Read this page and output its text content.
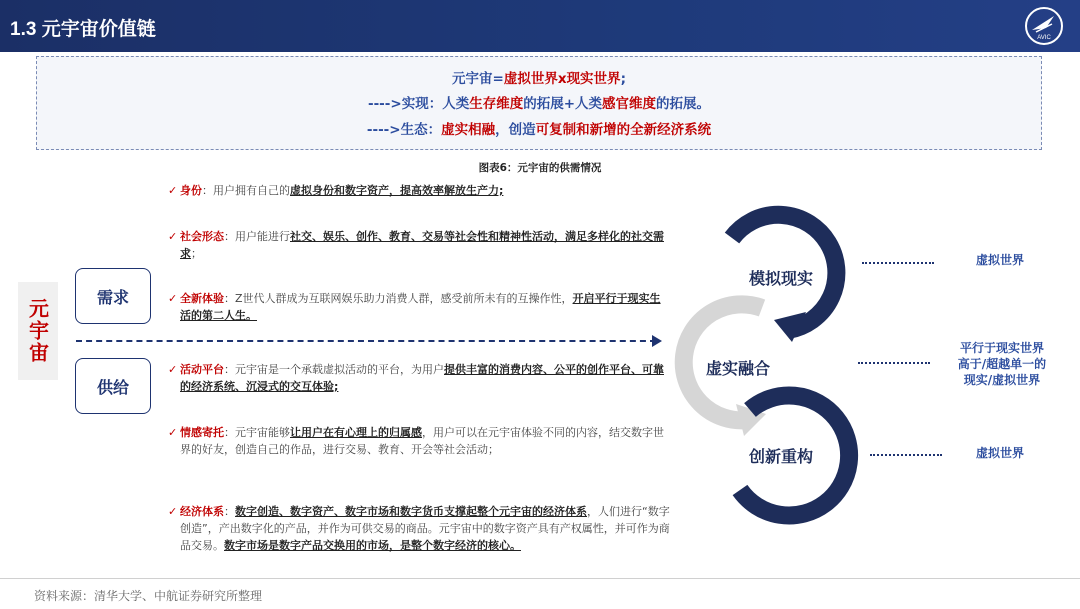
1.3 元宇宙价值链	AVIC
元宇宙=虚拟世界x现实世界;
---->实现：人类生存维度的拓展+人类感官维度的拓展。
---->生态：虚实相融，创造可复制和新增的全新经济系统
图表6：元宇宙的供需情况
元宇宙
需求
供给
✓ 身份：用户拥有自己的虚拟身份和数字资产，提高效率解放生产力;
✓ 社会形态：用户能进行社交、娱乐、创作、教育、交易等社会性和精神性活动，满足多样化的社交需求；
✓ 全新体验：Z世代人群成为互联网娱乐助力消费人群，感受前所未有的互操作性，开启平行于现实生活的第二人生。
✓ 活动平台：元宇宙是一个承载虚拟活动的平台，为用户提供丰富的消费内容、公平的创作平台、可靠的经济系统、沉浸式的交互体验;
✓ 情感寄托：元宇宙能够让用户在有心理上的归属感，用户可以在元宇宙体验不同的内容，结交数字世界的好友，创造自己的作品，进行交易、教育、开会等社会活动；
✓ 经济体系：数字创造、数字资产、数字市场和数字货币支撑起整个元宇宙的经济体系，人们进行“数字创造”，产出数字化的产品，并作为可供交易的商品。元宇宙中的数字资产具有产权属性，并可作为商品交易。数字市场是数字产品交换用的市场，是整个数字经济的核心。
模拟现实
虚实融合
创新重构
虚拟世界
平行于现实世界
高于/超越单一的
现实/虚拟世界
虚拟世界
资料来源：清华大学、中航证券研究所整理
